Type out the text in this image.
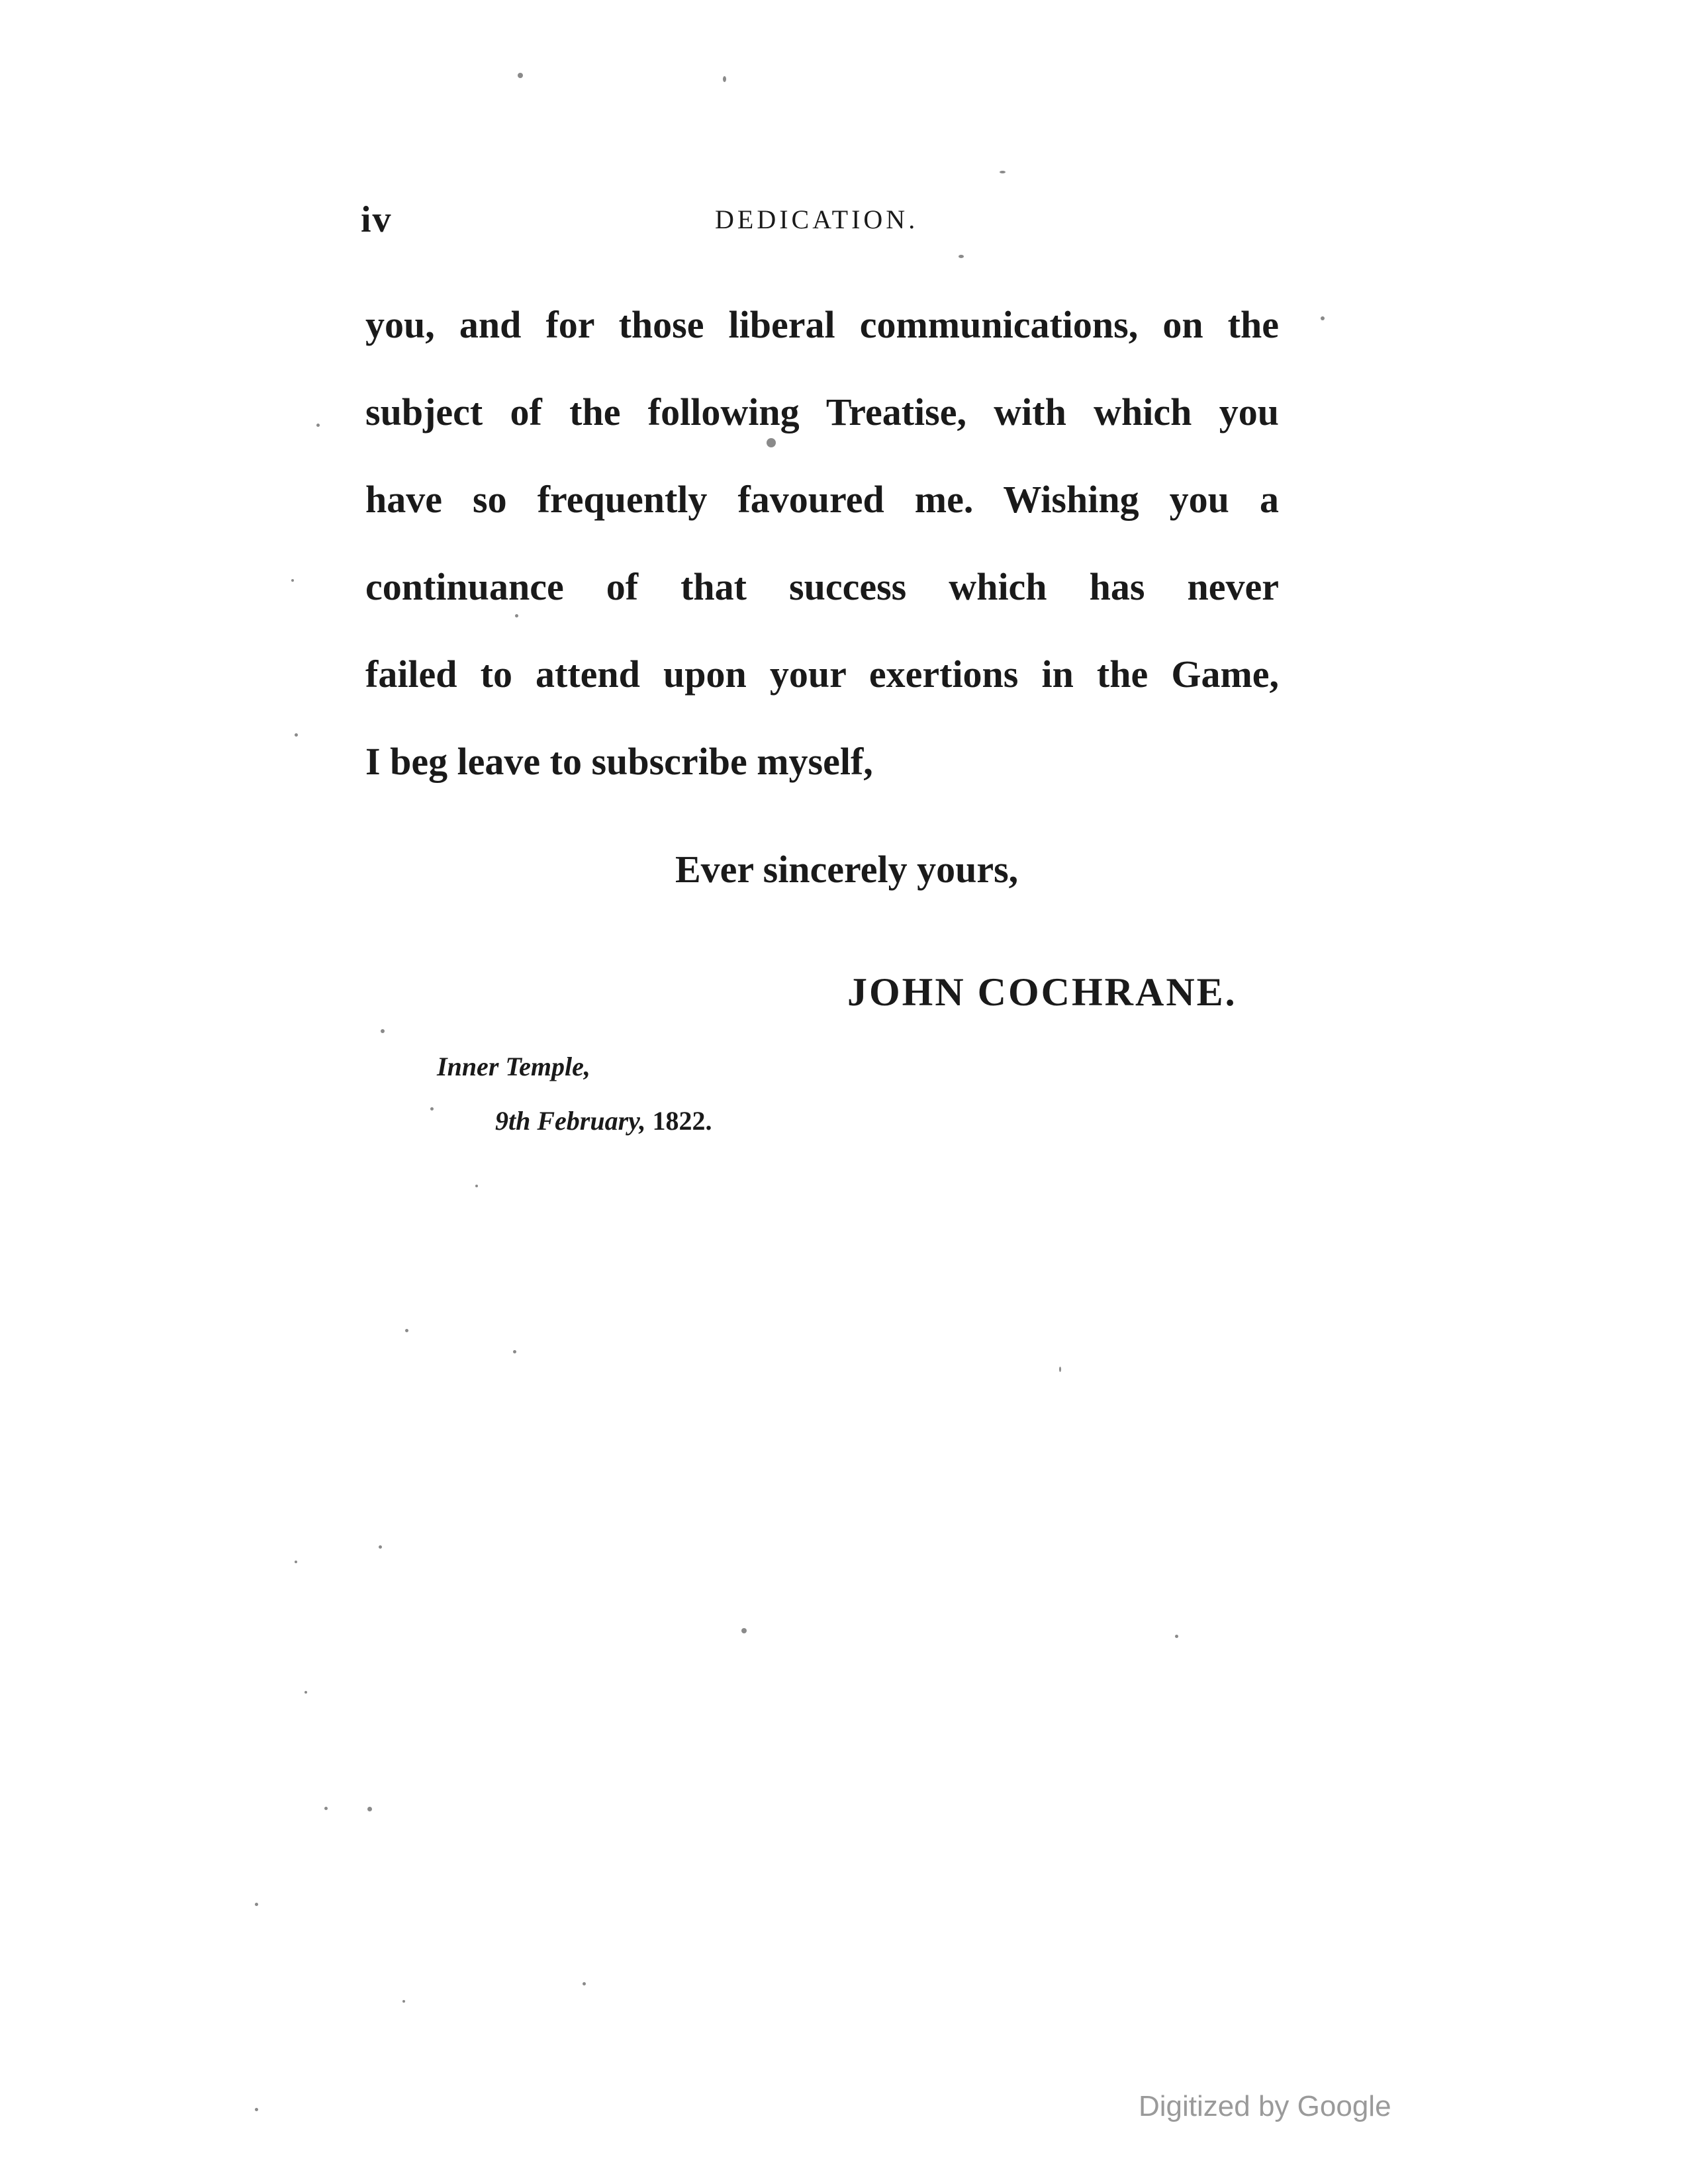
iv	DEDICATION.
you, and for those liberal communications, on the
subject of the following Treatise, with which you
have so frequently favoured me. Wishing you a
continuance of that success which has never
failed to attend upon your exertions in the Game,
I beg leave to subscribe myself,
Ever sincerely yours,
JOHN COCHRANE.
Inner Temple,
9th February, 1822.
Digitized by Google
